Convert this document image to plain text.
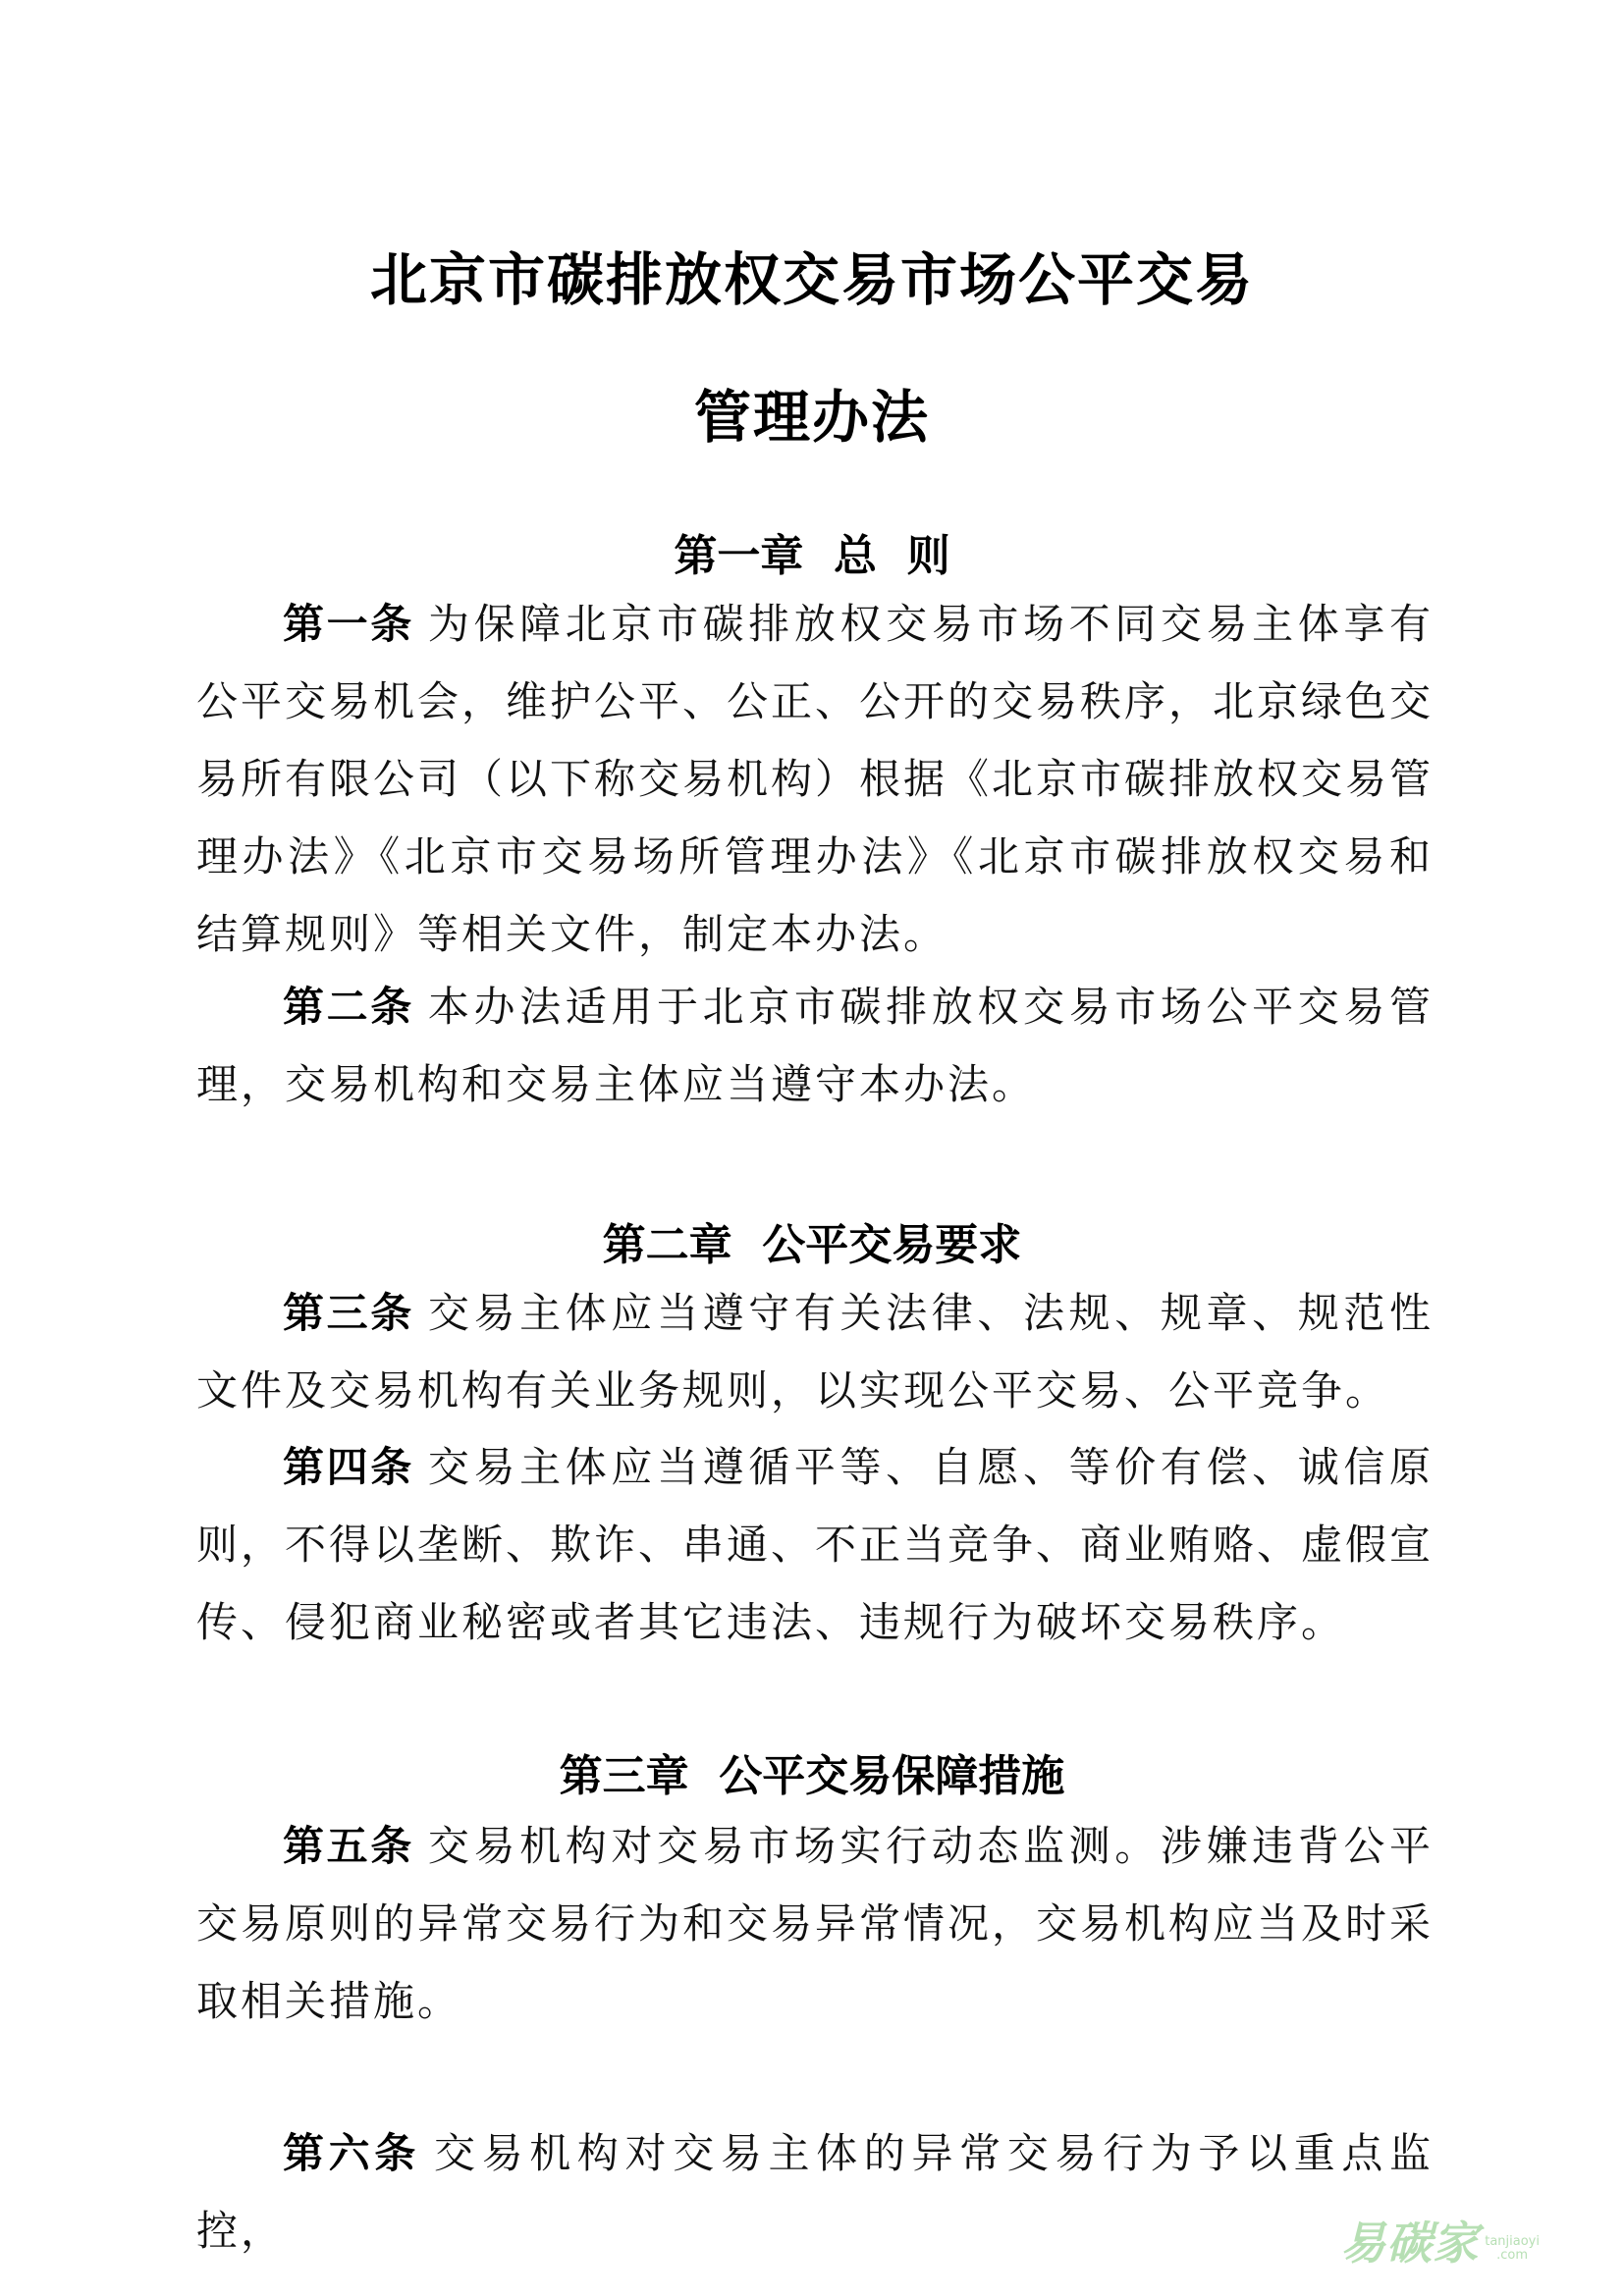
北京市碳排放权交易市场公平交易
管理办法
第一章  总  则

第一条 为保障北京市碳排放权交易市场不同交易主体享有公平交易机会，维护公平、公正、公开的交易秩序，北京绿色交易所有限公司（以下称交易机构）根据《北京市碳排放权交易管理办法》《北京市交易场所管理办法》《北京市碳排放权交易和结算规则》等相关文件，制定本办法。

第二条 本办法适用于北京市碳排放权交易市场公平交易管理，交易机构和交易主体应当遵守本办法。

第二章  公平交易要求

第三条 交易主体应当遵守有关法律、法规、规章、规范性文件及交易机构有关业务规则，以实现公平交易、公平竞争。

第四条 交易主体应当遵循平等、自愿、等价有偿、诚信原则，不得以垄断、欺诈、串通、不正当竞争、商业贿赂、虚假宣传、侵犯商业秘密或者其它违法、违规行为破坏交易秩序。

第三章  公平交易保障措施

第五条 交易机构对交易市场实行动态监测。涉嫌违背公平交易原则的异常交易行为和交易异常情况，交易机构应当及时采取相关措施。

第六条 交易机构对交易主体的异常交易行为予以重点监控，	易碳家 tanjiaoyi
.com
